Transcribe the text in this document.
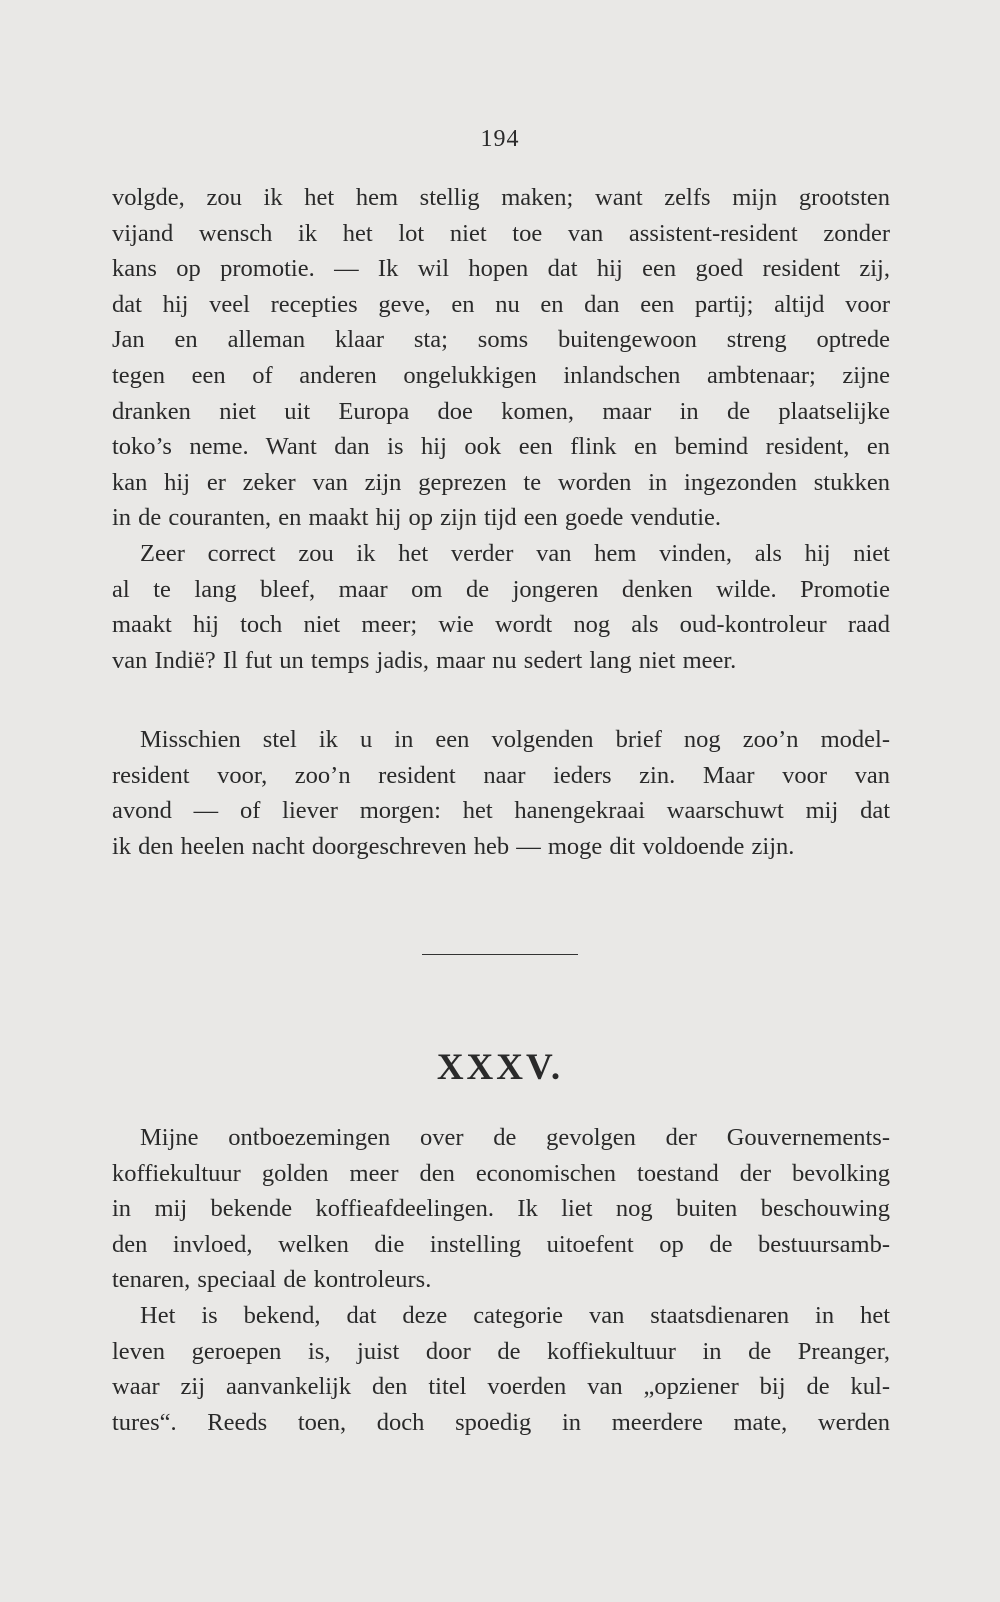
194

volgde, zou ik het hem stellig maken; want zelfs mijn grootsten
vijand wensch ik het lot niet toe van assistent-resident zonder
kans op promotie. — Ik wil hopen dat hij een goed resident zij,
dat hij veel recepties geve, en nu en dan een partij; altijd voor
Jan en alleman klaar sta; soms buitengewoon streng optrede
tegen een of anderen ongelukkigen inlandschen ambtenaar; zijne
dranken niet uit Europa doe komen, maar in de plaatselijke
toko’s neme. Want dan is hij ook een flink en bemind resident, en
kan hij er zeker van zijn geprezen te worden in ingezonden stukken
in de couranten, en maakt hij op zijn tijd een goede vendutie.

Zeer correct zou ik het verder van hem vinden, als hij niet
al te lang bleef, maar om de jongeren denken wilde. Promotie
maakt hij toch niet meer; wie wordt nog als oud-kontroleur raad
van Indië? Il fut un temps jadis, maar nu sedert lang niet meer.

Misschien stel ik u in een volgenden brief nog zoo’n model-
resident voor, zoo’n resident naar ieders zin. Maar voor van
avond — of liever morgen: het hanengekraai waarschuwt mij dat
ik den heelen nacht doorgeschreven heb — moge dit voldoende zijn.

XXXV.

Mijne ontboezemingen over de gevolgen der Gouvernements-
koffiekultuur golden meer den economischen toestand der bevolking
in mij bekende koffieafdeelingen. Ik liet nog buiten beschouwing
den invloed, welken die instelling uitoefent op de bestuursamb-
tenaren, speciaal de kontroleurs.

Het is bekend, dat deze categorie van staatsdienaren in het
leven geroepen is, juist door de koffiekultuur in de Preanger,
waar zij aanvankelijk den titel voerden van „opziener bij de kul-
tures“. Reeds toen, doch spoedig in meerdere mate, werden
